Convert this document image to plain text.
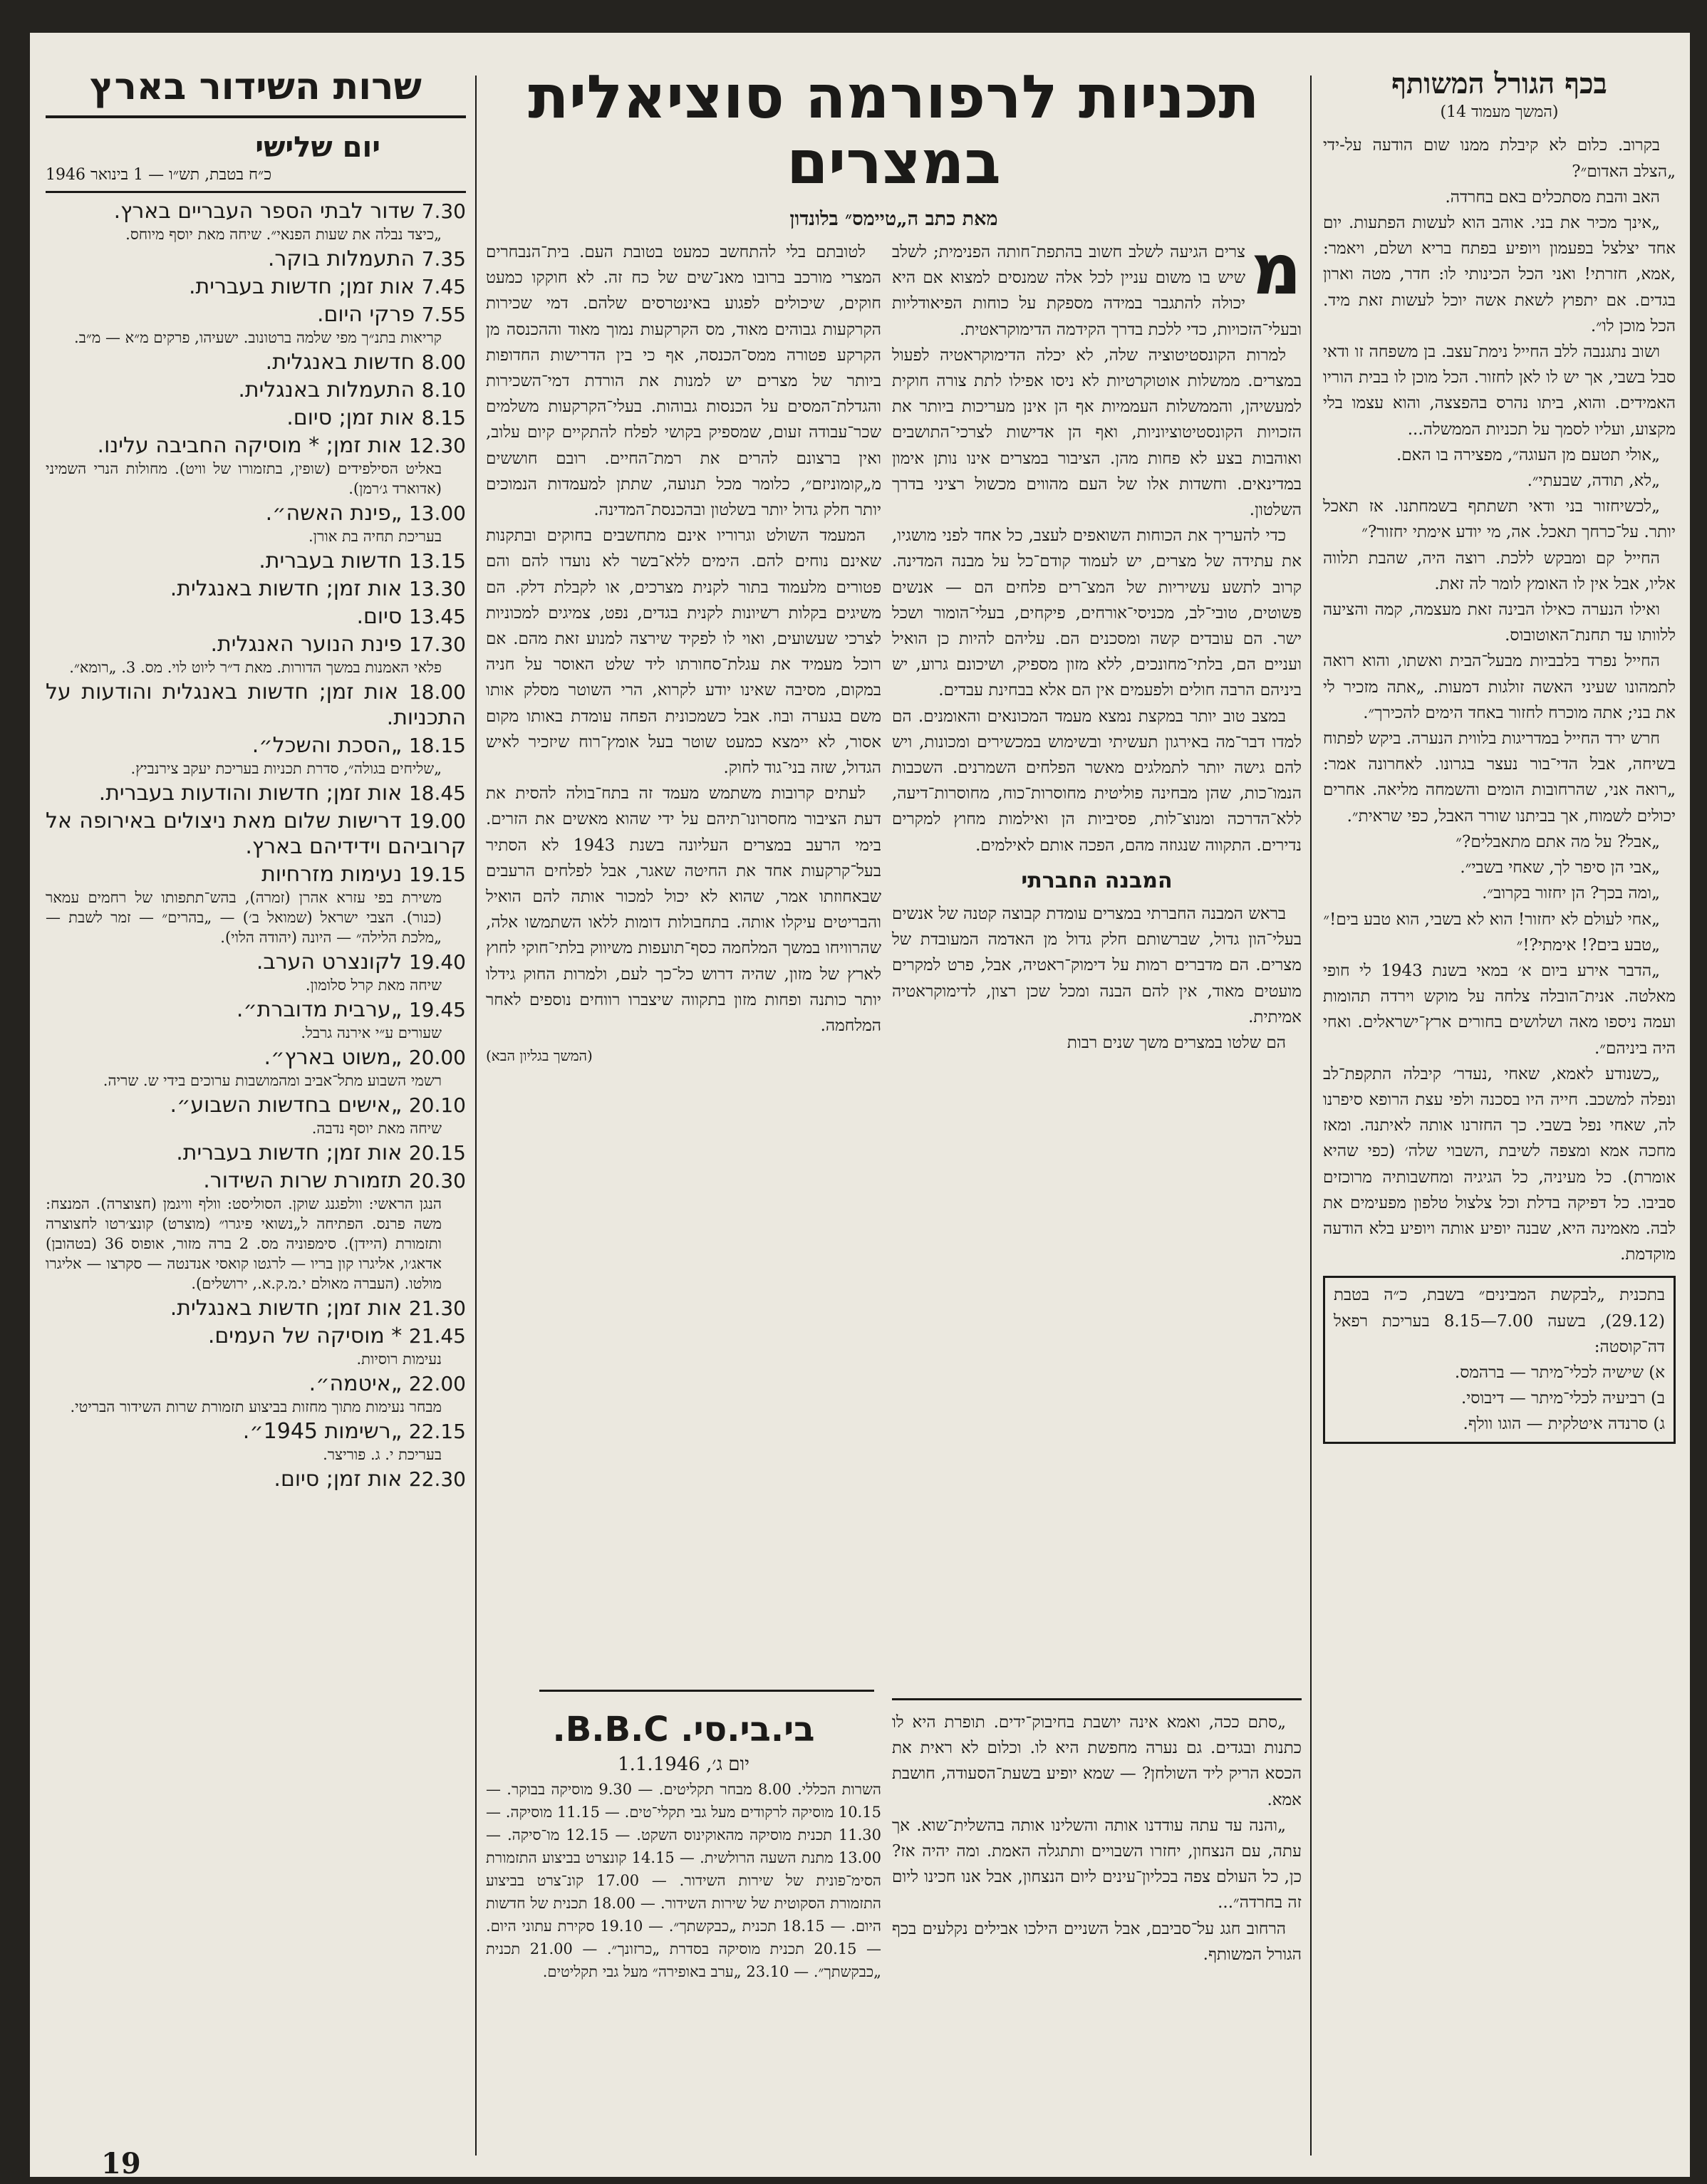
בכף הגורל המשותף
(המשך מעמוד 14)

בקרוב. כלום לא קיבלת ממנו שום הודעה על-ידי „הצלב האדום״?

האב והבת מסתכלים באם בחרדה.

„אינך מכיר את בני. אוהב הוא לעשות הפתעות. יום אחד יצלצל בפעמון ויופיע בפתח בריא ושלם, ויאמר: ,אמא, חזרתי! ואני הכל הכינותי לו: חדר, מטה וארון בגדים. אם יתפוץ לשאת אשה יוכל לעשות זאת מיד. הכל מוכן לו״.

ושוב נתגנבה ללב החייל נימת־עצב. בן משפחה זו ודאי סבל בשבי, אך יש לו לאן לחזור. הכל מוכן לו בבית הוריו האמידים. והוא, ביתו נהרס בהפצצה, והוא עצמו בלי מקצוע, ועליו לסמך על תכניות הממשלה...

„אולי תטעם מן העוגה״, מפצירה בו האם.

„לא, תודה, שבעתי״.

„לכשיחזור בני ודאי תשתתף בשמחתנו. אז תאכל יותר. על־כרחך תאכל. אה, מי יודע אימתי יחזור?״

החייל קם ומבקש ללכת. רוצה היה, שהבת תלווה אליו, אבל אין לו האומץ לומר לה זאת.

ואילו הנערה כאילו הבינה זאת מעצמה, קמה והציעה ללוותו עד תחנת־האוטובוס.

החייל נפרד בלבביות מבעל־הבית ואשתו, והוא רואה לתמהונו שעיני האשה זולגות דמעות. „אתה מזכיר לי את בני; אתה מוכרח לחזור באחד הימים להכירך״.

חרש ירד החייל במדריגות בלווית הנערה. ביקש לפתוח בשיחה, אבל הדי־בור נעצר בגרונו. לאחרונה אמר: „רואה אני, שהרחובות הומים והשמחה מליאה. אחרים יכולים לשמוח, אך בביתנו שורר האבל, כפי שראית״.

„אבל? על מה אתם מתאבלים?״

„אבי הן סיפר לך, שאחי בשבי״.

„ומה בכך? הן יחזור בקרוב״.

„אחי לעולם לא יחזור! הוא לא בשבי, הוא טבע בים!״

„טבע בים?! אימתי?!״

„הדבר אירע ביום א׳ במאי בשנת 1943 לי חופי מאלטה. אנית־הובלה צלחה על מוקש וירדה תהומות ועמה ניספו מאה ושלושים בחורים ארץ־ישראלים. ואחי היה ביניהם״.

„כשנודע לאמא, שאחי ,נעדר׳ קיבלה התקפת־לב ונפלה למשכב. חייה היו בסכנה ולפי עצת הרופא סיפרנו לה, שאחי נפל בשבי. כך החזרנו אותה לאיתנה. ומאז מחכה אמא ומצפה לשיבת ,השבוי שלה׳ (כפי שהיא אומרת). כל מעיניה, כל הגיגיה ומחשבותיה מרוכזים סביבו. כל דפיקה בדלת וכל צלצול טלפון מפעימים את לבה. מאמינה היא, שבנה יופיע אותה ויופיע בלא הודעה מוקדמת.

בתכנית „לבקשת המבינים״ בשבת, כ״ה בטבת (29.12), בשעה 7.00—8.15 בעריכת רפאל דה־קוסטה:

א) שישיה לכלי־מיתר — ברהמס.

ב) רביעיה לכלי־מיתר — דיבוסי.

ג) סרנדה איטלקית — הוגו וולף.

תכניות לרפורמה סוציאלית
במצרים
מאת כתב ה„טיימס״ בלונדון

מ
צרים הגיעה לשלב חשוב בהתפת־חותה הפנימית; לשלב שיש בו משום עניין לכל אלה שמנסים למצוא אם היא יכולה להתגבר במידה מספקת על כוחות הפיאודליות ובעלי־הזכויות, כדי ללכת בדרך הקידמה הדימוקראטית.

למרות הקונסטיטוציה שלה, לא יכלה הדימוקראטיה לפעול במצרים. ממשלות אוטוקרטיות לא ניסו אפילו לתת צורה חוקית למעשיהן, והממשלות העממיות אף הן אינן מעריכות ביותר את הזכויות הקונסטיטוציוניות, ואף הן אדישות לצרכי־התושבים ואוהבות בצע לא פחות מהן. הציבור במצרים אינו נותן אימון במדינאים. וחשדות אלו של העם מהווים מכשול רציני בדרך השלטון.

כדי להעריך את הכוחות השואפים לעצב, כל אחד לפני מושגיו, את עתידה של מצרים, יש לעמוד קודם־כל על מבנה המדינה. קרוב לתשע עשיריות של המצ־רים פלחים הם — אנשים פשוטים, טובי־לב, מכניסי־אורחים, פיקחים, בעלי־הומור ושכל ישר. הם עובדים קשה ומסכנים הם. עליהם להיות כן הואיל ועניים הם, בלתי־מחונכים, ללא מזון מספיק, ושיכונם גרוע, יש ביניהם הרבה חולים ולפעמים אין הם אלא בבחינת עבדים.

במצב טוב יותר במקצת נמצא מעמד המכונאים והאומנים. הם למדו דבר־מה באירגון תעשיתי ובשימוש במכשירים ומכונות, ויש להם גישה יותר לתמלגים מאשר הפלחים השמרנים. השכבות הנמו־כות, שהן מבחינה פוליטית מחוסרות־כוח, מחוסרות־דיעה, ללא־הדרכה ומנוצ־לות, פסיביות הן ואילמות מחוץ למקרים נדירים. התקווה שנגוזה מהם, הפכה אותם לאילמים.

המבנה החברתי

בראש המבנה החברתי במצרים עומדת קבוצה קטנה של אנשים בעלי־הון גדול, שברשותם חלק גדול מן האדמה המעובדת של מצרים. הם מדברים רמות על דימוק־ראטיה, אבל, פרט למקרים מועטים מאוד, אין להם הבנה ומכל שכן רצון, לדימוקראטיה אמיתית.

הם שלטו במצרים משך שנים רבות

„סתם ככה, ואמא אינה יושבת בחיבוק־ידים. תופרת היא לו כתנות ובגדים. גם נערה מחפשת היא לו. וכלום לא ראית את הכסא הריק ליד השולחן? — שמא יופיע בשעת־הסעודה, חושבת אמא.

„והנה עד עתה עודדנו אותה והשלינו אותה בהשלית־שוא. אך עתה, עם הנצחון, יחזרו השבויים ותתגלה האמת. ומה יהיה אז? כן, כל העולם צפה בכליון־עינים ליום הנצחון, אבל אנו חכינו ליום זה בחרדה״...

הרחוב חגג על־סביבם, אבל השניים הילכו אבילים נקלעים בכף הגורל המשותף.

לטובתם בלי להתחשב כמעט בטובת העם. בית־הנבחרים המצרי מורכב ברובו מאנ־שים של כח זה. לא חוקקו כמעט חוקים, שיכולים לפגוע באינטרסים שלהם. דמי שכירות הקרקעות גבוהים מאוד, מס הקרקעות נמוך מאוד וההכנסה מן הקרקע פטורה ממס־הכנסה, אף כי בין הדרישות החדופות ביותר של מצרים יש למנות את הורדת דמי־השכירות והגדלת־המסים על הכנסות גבוהות. בעלי־הקרקעות משלמים שכר־עבודה זעום, שמספיק בקושי לפלח להתקיים קיום עלוב, ואין ברצונם להרים את רמת־החיים. רובם חוששים מ„קומוניזם״, כלומר מכל תנועה, שתתן למעמדות הנמוכים יותר חלק גדול יותר בשלטון ובהכנסת־המדינה.

המעמד השולט וגרוריו אינם מתחשבים בחוקים ובתקנות שאינם נוחים להם. הימים ללא־בשר לא נועדו להם והם פטורים מלעמוד בתור לקנית מצרכים, או לקבלת דלק. הם משיגים בקלות רשיונות לקנית בגדים, נפט, צמיגים למכוניות לצרכי שעשועים, ואוי לו לפקיד שירצה למנוע זאת מהם. אם רוכל מעמיד את עגלת־סחורתו ליד שלט האוסר על חניה במקום, מסיבה שאינו יודע לקרוא, הרי השוטר מסלק אותו משם בגערה ובוז. אבל כשמכונית הפחה עומדת באותו מקום אסור, לא יימצא כמעט שוטר בעל אומץ־רוח שיזכיר לאיש הגדול, שזה בני־גוד לחוק.

לעתים קרובות משתמש מעמד זה בתח־בולה להסית את דעת הציבור מחסרונו־תיהם על ידי שהוא מאשים את הזרים. בימי הרעב במצרים העליונה בשנת 1943 לא הסתיר בעל־קרקעות אחד את החיטה שאגר, אבל לפלחים הרעבים שבאחוזתו אמר, שהוא לא יכול למכור אותה להם הואיל והבריטים עיקלו אותה. בתחבולות דומות ללאו השתמשו אלה, שהרוויחו במשך המלחמה כסף־תועפות משיווק בלתי־חוקי לחוץ לארץ של מזון, שהיה דרוש כל־כך לעם, ולמרות החוק גידלו יותר כותנה ופחות מזון בתקווה שיצברו רווחים נוספים לאחר המלחמה.

(המשך בגליון הבא)
בי.בי.סי. B.B.C.
יום ג׳, 1.1.1946
השרות הכללי. 8.00 מבחר תקליטים. — 9.30 מוסיקה בבוקר. — 10.15 מוסיקה לרקודים מעל גבי תקלי־טים. — 11.15 מוסיקה. — 11.30 תכנית מוסיקה מהאוקינוס השקט. — 12.15 מו־סיקה. — 13.00 מתנת השעה הרולשית. — 14.15 קונצרט בביצוע התזמורת הסימ־פונית של שירות השידור. — 17.00 קונ־צרט בביצוע התזמורת הסקוטית של שירות השידור. — 18.00 תכנית של חדשות היום. — 18.15 תכנית „כבקשתך״. — 19.10 סקירת עתוני היום. — 20.15 תכנית מוסיקה בסדרת „כרזונך״. — 21.00 תכנית „כבקשתך״. — 23.10 „ערב באופירה״ מעל גבי תקליטים.
שרות השידור בארץ
יום שלישי
כ״ח בטבת, תש״ו — 1 בינואר 1946
7.30 שדור לבתי הספר העבריים בארץ.
„כיצד נבלה את שעות הפנאי״. שיחה מאת יוסף מיוחס.
7.35 התעמלות בוקר.
7.45 אות זמן; חדשות בעברית.
7.55 פרקי היום.
קריאות בתנ״ך מפי שלמה ברטונוב. ישעיהו, פרקים מ״א — מ״ב.
8.00 חדשות באנגלית.
8.10 התעמלות באנגלית.
8.15 אות זמן; סיום.
12.30 אות זמן; * מוסיקה החביבה עלינו.
באליט הסילפידים (שופין, בתזמורו של וויט). מחולות הנרי השמיני (אדוארד ג׳רמן).
13.00 „פינת האשה״.
בעריכת תחיה בת אורן.
13.15 חדשות בעברית.
13.30 אות זמן; חדשות באנגלית.
13.45 סיום.
17.30 פינת הנוער האנגלית.
פלאי האמנות במשך הדורות. מאת ד״ר ליוט לוי. מס. 3. „רומא״.
18.00 אות זמן; חדשות באנגלית והודעות על התכניות.
18.15 „הסכת והשכל״.
„שליחים בגולה״, סדרת תכניות בעריכת יעקב צירנביץ.
18.45 אות זמן; חדשות והודעות בעברית.
19.00 דרישות שלום מאת ניצולים באירופה אל קרוביהם וידידיהם בארץ.
19.15 נעימות מזרחיות
משירת בפי עזרא אהרן (זמרה), בהש־תתפותו של רחמים עמאר (כנור). הצבי ישראל (שמואל ב׳) — „בהרים״ — זמר לשבת — „מלכת הלילה״ — היונה (יהודה הלוי).
19.40 לקונצרט הערב.
שיחה מאת קרל סלומון.
19.45 „ערבית מדוברת״.
שעורים ע״י אירנה גרבל.
20.00 „משוט בארץ״.
רשמי השבוע מתל־אביב ומהמושבות ערוכים בידי ש. שריה.
20.10 „אישים בחדשות השבוע״.
שיחה מאת יוסף נדבה.
20.15 אות זמן; חדשות בעברית.
20.30 תזמורת שרות השידור.
הנגן הראשי: וולפגנג שוקן. הסוליסט: וולף וויגמן (חצוצרה). המנצח: משה פרנס. הפתיחה ל„נשואי פיגרו״ (מוצרט) קונצ׳רטו לחצוצרה ותזמורת (היידן). סימפוניה מס. 2 ברה מזור, אופוס 36 (בטהובן) אדאג׳ו, אליגרו קון בריו — לרגטו קואסי אנדנטה — סקרצו — אליגרו מולטו. (העברה מאולם י.מ.ק.א., ירושלים).
21.30 אות זמן; חדשות באנגלית.
21.45 * מוסיקה של העמים.
נעימות רוסיות.
22.00 „איטמה״.
מבחר נעימות מתוך מחזות בביצוע תזמורת שרות השידור הבריטי.
22.15 „רשימות 1945״.
בעריכת י. ג. פוריצר.
22.30 אות זמן; סיום.
19
